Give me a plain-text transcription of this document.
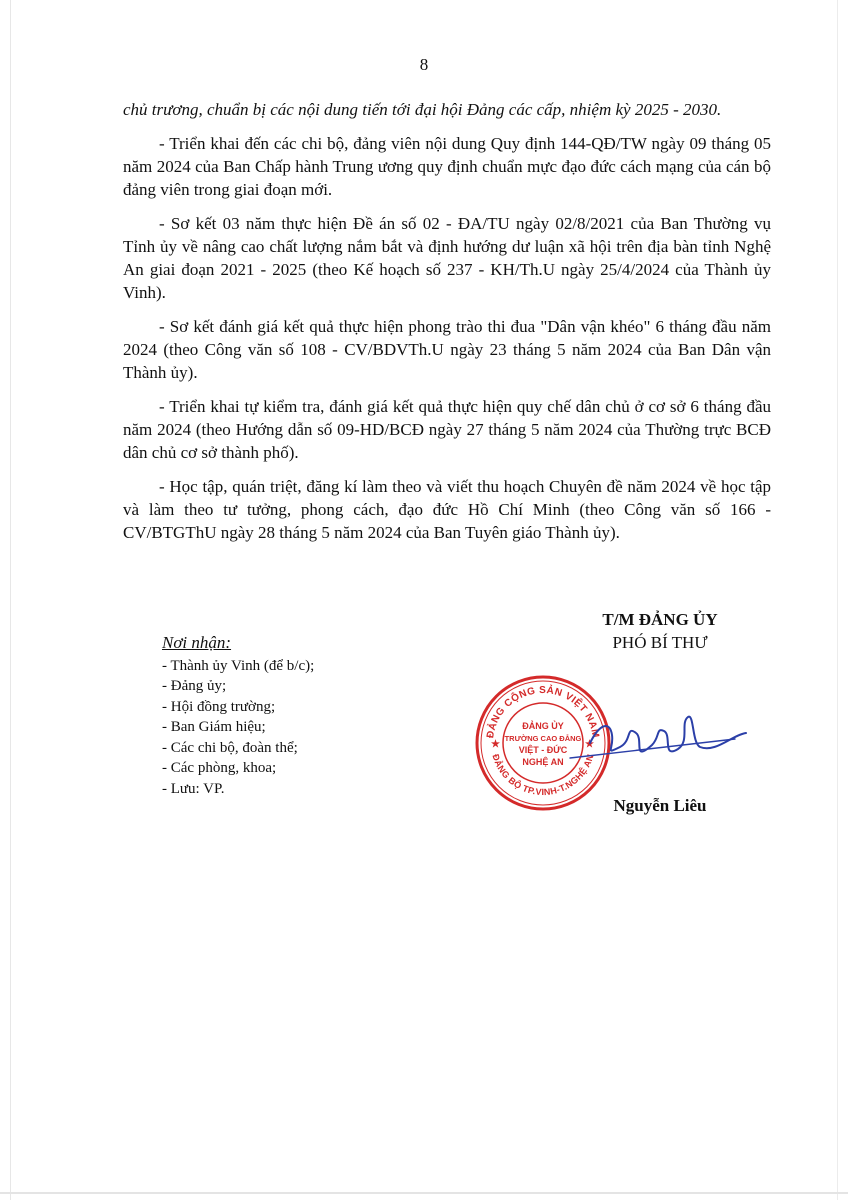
8

chủ trương, chuẩn bị các nội dung tiến tới đại hội Đảng các cấp, nhiệm kỳ 2025 - 2030.

- Triển khai đến các chi bộ, đảng viên nội dung Quy định 144-QĐ/TW ngày 09 tháng 05 năm 2024 của Ban Chấp hành Trung ương quy định chuẩn mực đạo đức cách mạng của cán bộ đảng viên trong giai đoạn mới.

- Sơ kết 03 năm thực hiện Đề án số 02 - ĐA/TU ngày 02/8/2021 của Ban Thường vụ Tỉnh ủy về nâng cao chất lượng nắm bắt và định hướng dư luận xã hội trên địa bàn tỉnh Nghệ An giai đoạn 2021 - 2025 (theo Kế hoạch số 237 - KH/Th.U ngày 25/4/2024 của Thành ủy Vinh).

- Sơ kết đánh giá kết quả thực hiện phong trào thi đua "Dân vận khéo" 6 tháng đầu năm 2024 (theo Công văn số 108 - CV/BDVTh.U ngày 23 tháng 5 năm 2024 của Ban Dân vận Thành ủy).

- Triển khai tự kiểm tra, đánh giá kết quả thực hiện quy chế dân chủ ở cơ sở 6 tháng đầu năm 2024 (theo Hướng dẫn số 09-HD/BCĐ ngày 27 tháng 5 năm 2024 của Thường trực BCĐ dân chủ cơ sở thành phố).

- Học tập, quán triệt, đăng kí làm theo và viết thu hoạch Chuyên đề năm 2024 về học tập và làm theo tư tưởng, phong cách, đạo đức Hồ Chí Minh (theo Công văn số 166 - CV/BTGThU ngày 28 tháng 5 năm 2024 của Ban Tuyên giáo Thành ủy).

Nơi nhận:
- Thành ủy Vinh (để b/c);
- Đảng ủy;
- Hội đồng trường;
- Ban Giám hiệu;
- Các chi bộ, đoàn thể;
- Các phòng, khoa;
- Lưu: VP.
ĐẢNG CỘNG SẢN VIỆT NAM
ĐẢNG BỘ TP.VINH-T.NGHỆ AN
ĐẢNG ỦY
TRƯỜNG CAO ĐẲNG
VIỆT - ĐỨC
NGHỆ AN
★	★
T/M ĐẢNG ỦY
PHÓ BÍ THƯ
Nguyễn Liêu
